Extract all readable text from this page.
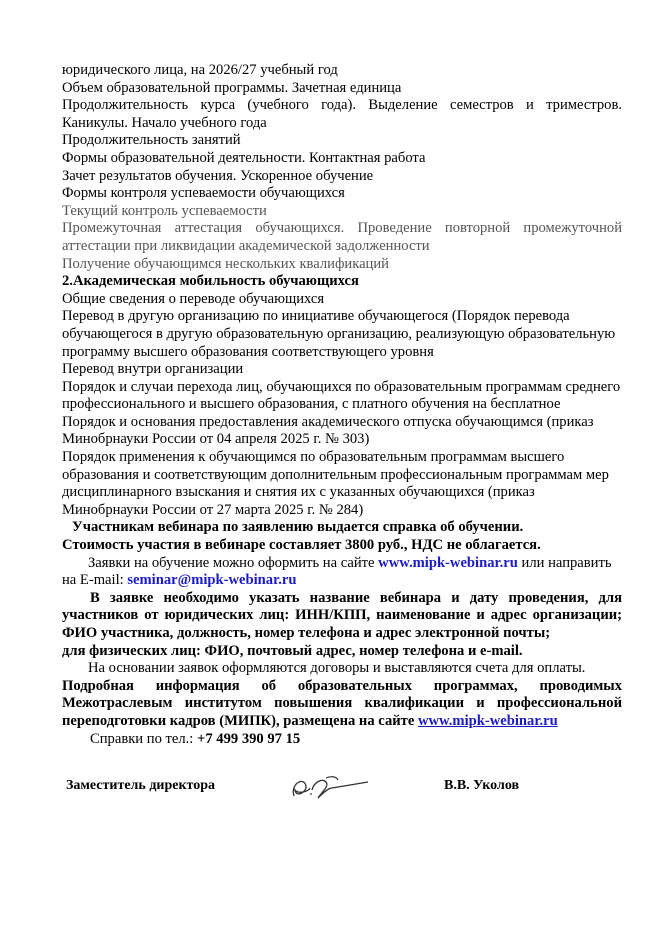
юридического лица, на 2026/27 учебный год

Объем образовательной программы. Зачетная единица

Продолжительность курса (учебного года). Выделение семестров и триместров. Каникулы. Начало учебного года

Продолжительность занятий

Формы образовательной деятельности. Контактная работа

Зачет результатов обучения. Ускоренное обучение

Формы контроля успеваемости обучающихся

Текущий контроль успеваемости

Промежуточная аттестация обучающихся. Проведение повторной промежуточной аттестации при ликвидации академической задолженности

Получение обучающимся нескольких квалификаций

2.Академическая мобильность обучающихся

Общие сведения о переводе обучающихся

Перевод в другую организацию по инициативе обучающегося (Порядок перевода обучающегося в другую образовательную организацию, реализующую образовательную программу высшего образования соответствующего уровня

Перевод внутри организации

Порядок и случаи перехода лиц, обучающихся по образовательным программам среднего профессионального и высшего образования, с платного обучения на бесплатное

Порядок и основания предоставления академического отпуска обучающимся (приказ Минобрнауки России от 04 апреля 2025 г. № 303)

Порядок применения к обучающимся по образовательным программам высшего образования и соответствующим дополнительным профессиональным программам мер дисциплинарного взыскания и снятия их с указанных обучающихся (приказ Минобрнауки России от 27 марта 2025 г. № 284)

Участникам вебинара по заявлению выдается справка об обучении.

Стоимость участия в вебинаре составляет 3800 руб., НДС не облагается.

Заявки на обучение можно оформить на сайте www.mipk-webinar.ru или направить на E-mail: seminar@mipk-webinar.ru

В заявке необходимо указать название вебинара и дату проведения, для участников от юридических лиц: ИНН/КПП, наименование и адрес организации; ФИО участника, должность, номер телефона и адрес электронной почты;

для физических лиц: ФИО, почтовый адрес, номер телефона и e-mail.

На основании заявок оформляются договоры и выставляются счета для оплаты.

Подробная информация об образовательных программах, проводимых Межотраслевым институтом повышения квалификации и профессиональной переподготовки кадров (МИПК), размещена на сайте www.mipk-webinar.ru

Справки по тел.: +7 499 390 97 15

Заместитель директора	В.В. Уколов
